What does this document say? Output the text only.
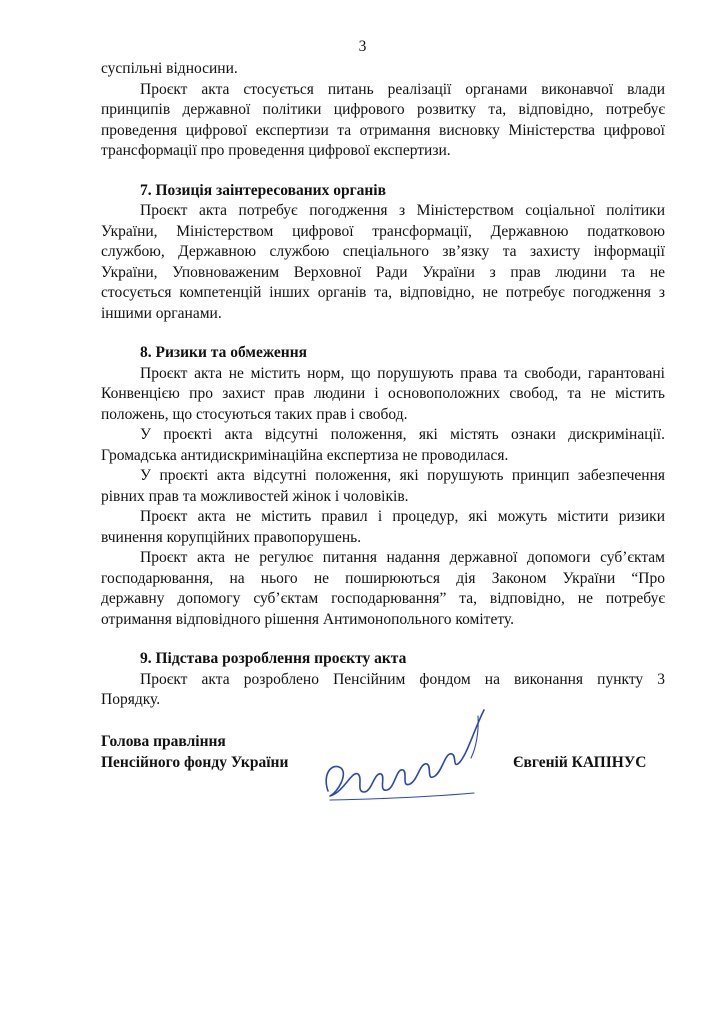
3
суспільні відносини.
Проєкт акта стосується питань реалізації органами виконавчої влади
принципів державної політики цифрового розвитку та, відповідно, потребує
проведення цифрової експертизи та отримання висновку Міністерства цифрової
трансформації про проведення цифрової експертизи.
7. Позиція заінтересованих органів
Проєкт акта потребує погодження з Міністерством соціальної політики
України, Міністерством цифрової трансформації, Державною податковою
службою, Державною службою спеціального зв’язку та захисту інформації
України, Уповноваженим Верховної Ради України з прав людини та не
стосується компетенцій інших органів та, відповідно, не потребує погодження з
іншими органами.
8. Ризики та обмеження
Проєкт акта не містить норм, що порушують права та свободи, гарантовані
Конвенцією про захист прав людини і основоположних свобод, та не містить
положень, що стосуються таких прав і свобод.
У проєкті акта відсутні положення, які містять ознаки дискримінації.
Громадська антидискримінаційна експертиза не проводилася.
У проєкті акта відсутні положення, які порушують принцип забезпечення
рівних прав та можливостей жінок і чоловіків.
Проєкт акта не містить правил і процедур, які можуть містити ризики
вчинення корупційних правопорушень.
Проєкт акта не регулює питання надання державної допомоги суб’єктам
господарювання, на нього не поширюються дія Законом України “Про
державну допомогу суб’єктам господарювання” та, відповідно, не потребує
отримання відповідного рішення Антимонопольного комітету.
9. Підстава розроблення проєкту акта
Проєкт акта розроблено Пенсійним фондом на виконання пункту 3
Порядку.
Голова правління
Пенсійного фонду України	Євгеній КАПІНУС
